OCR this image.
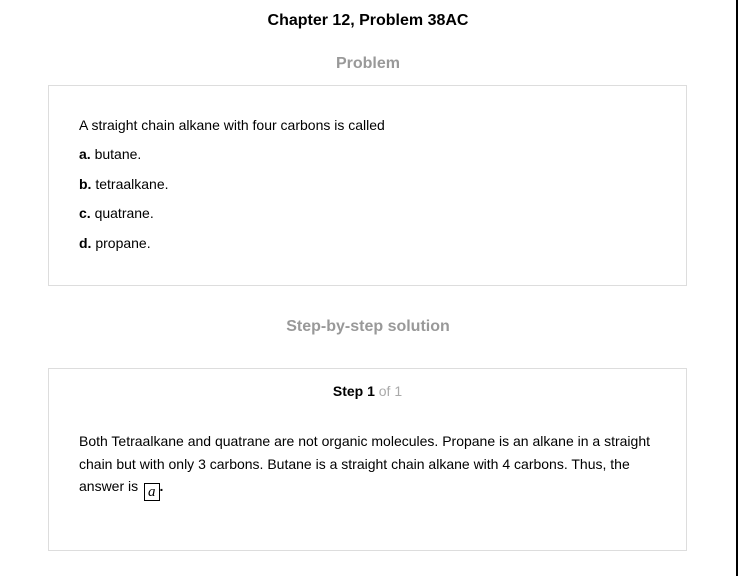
Chapter 12, Problem 38AC
Problem

A straight chain alkane with four carbons is called

a. butane.

b. tetraalkane.

c. quatrane.

d. propane.

Step-by-step solution
Step 1 of 1
Both Tetraalkane and quatrane are not organic molecules. Propane is an alkane in a straight chain but with only 3 carbons. Butane is a straight chain alkane with 4 carbons. Thus, the answer is a .
